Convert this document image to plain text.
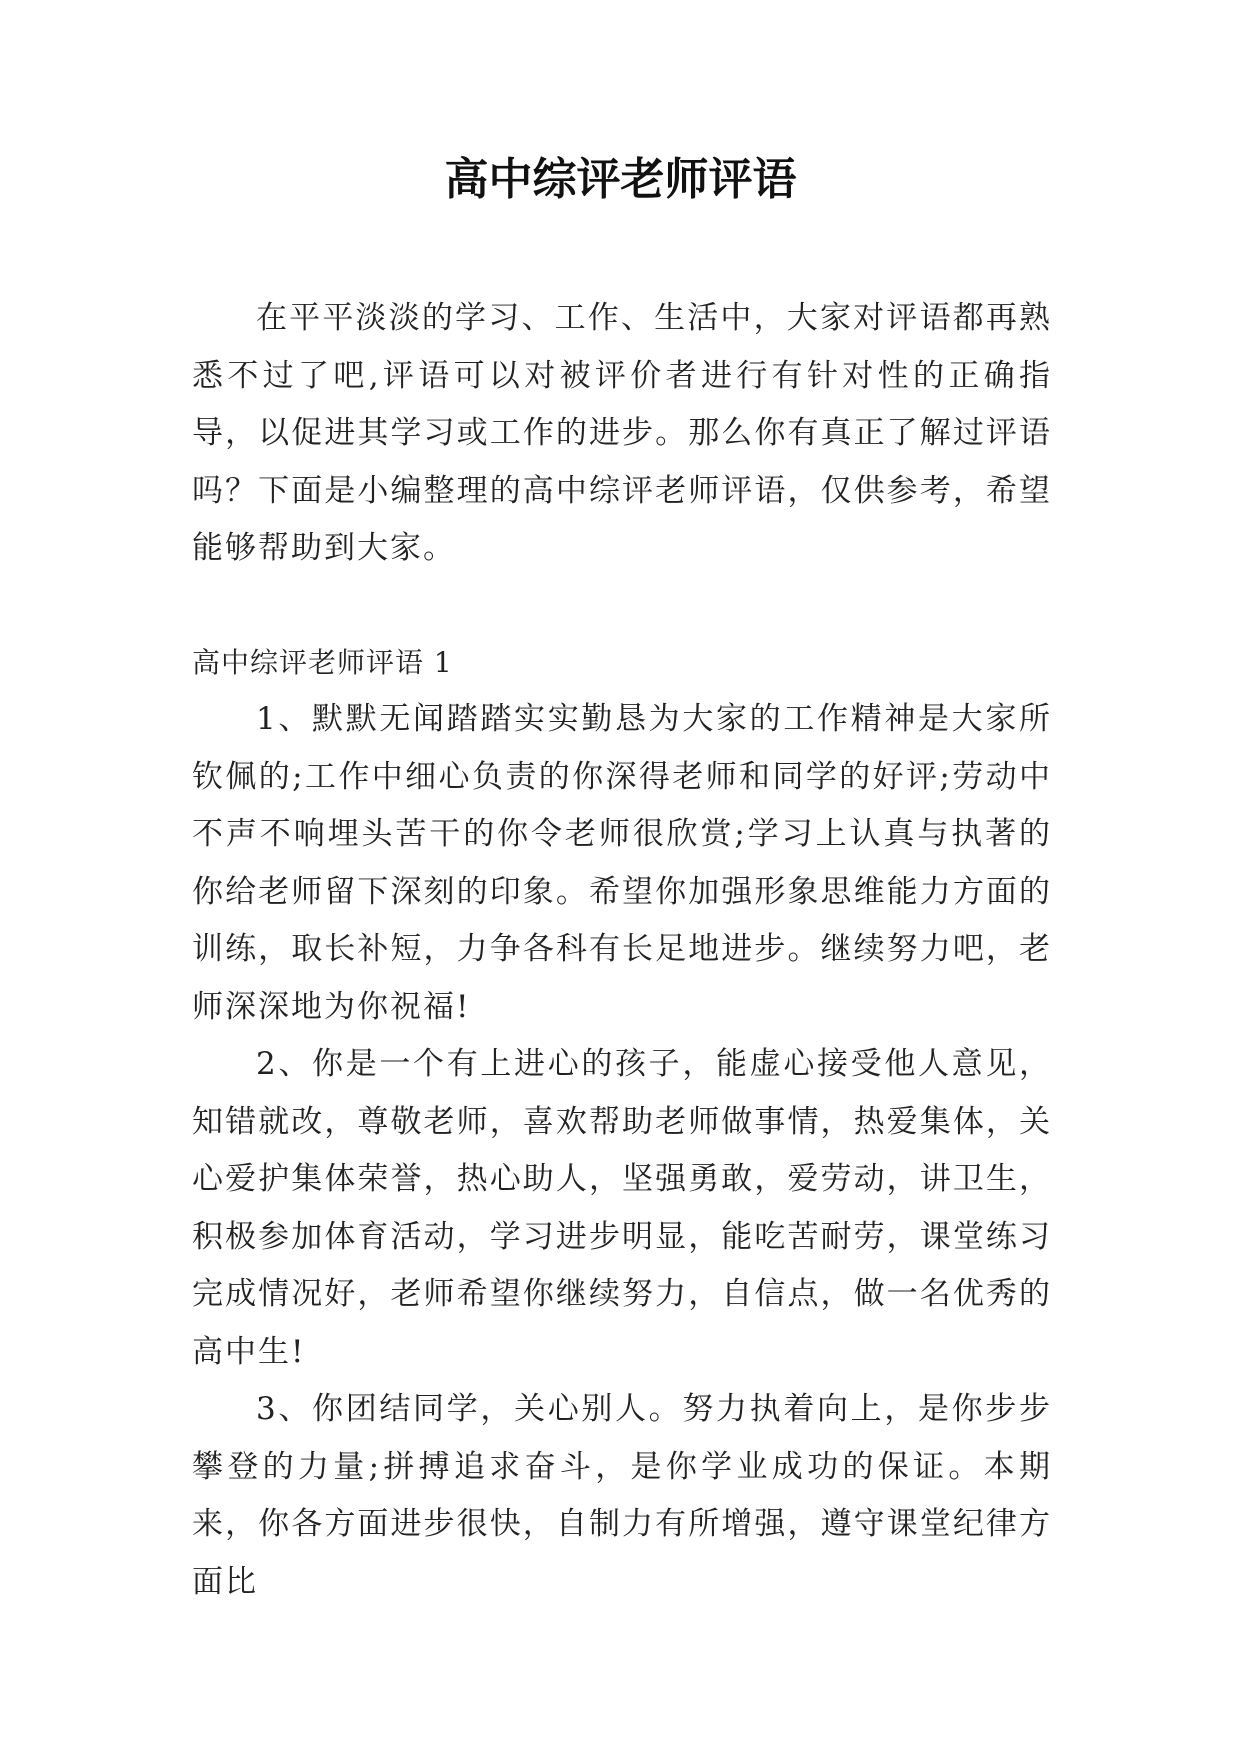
高中综评老师评语

在平平淡淡的学习、工作、生活中，大家对评语都再熟悉不过了吧,评语可以对被评价者进行有针对性的正确指导，以促进其学习或工作的进步。那么你有真正了解过评语吗？下面是小编整理的高中综评老师评语，仅供参考，希望能够帮助到大家。

高中综评老师评语 1

1、默默无闻踏踏实实勤恳为大家的工作精神是大家所钦佩的;工作中细心负责的你深得老师和同学的好评;劳动中不声不响埋头苦干的你令老师很欣赏;学习上认真与执著的你给老师留下深刻的印象。希望你加强形象思维能力方面的训练，取长补短，力争各科有长足地进步。继续努力吧，老师深深地为你祝福!

2、你是一个有上进心的孩子，能虚心接受他人意见，知错就改，尊敬老师，喜欢帮助老师做事情，热爱集体，关心爱护集体荣誉，热心助人，坚强勇敢，爱劳动，讲卫生，积极参加体育活动，学习进步明显，能吃苦耐劳，课堂练习完成情况好，老师希望你继续努力，自信点，做一名优秀的高中生!

3、你团结同学，关心别人。努力执着向上，是你步步攀登的力量;拼搏追求奋斗，是你学业成功的保证。本期来，你各方面进步很快，自制力有所增强，遵守课堂纪律方面比
